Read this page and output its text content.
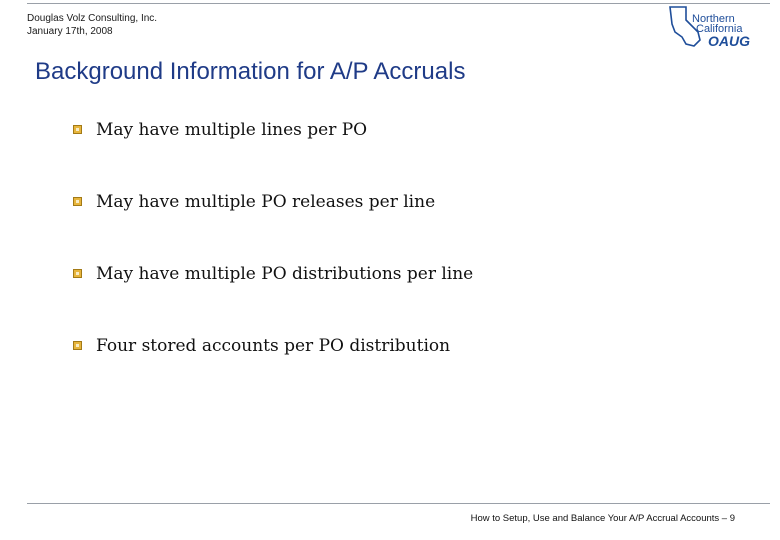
Douglas Volz Consulting, Inc.
January 17th, 2008
Northern
California
OAUG
Background Information for A/P Accruals
May have multiple lines per PO
May have multiple PO releases per line
May have multiple PO distributions per line
Four stored accounts per PO distribution
How to Setup, Use and Balance Your A/P Accrual Accounts – 9
